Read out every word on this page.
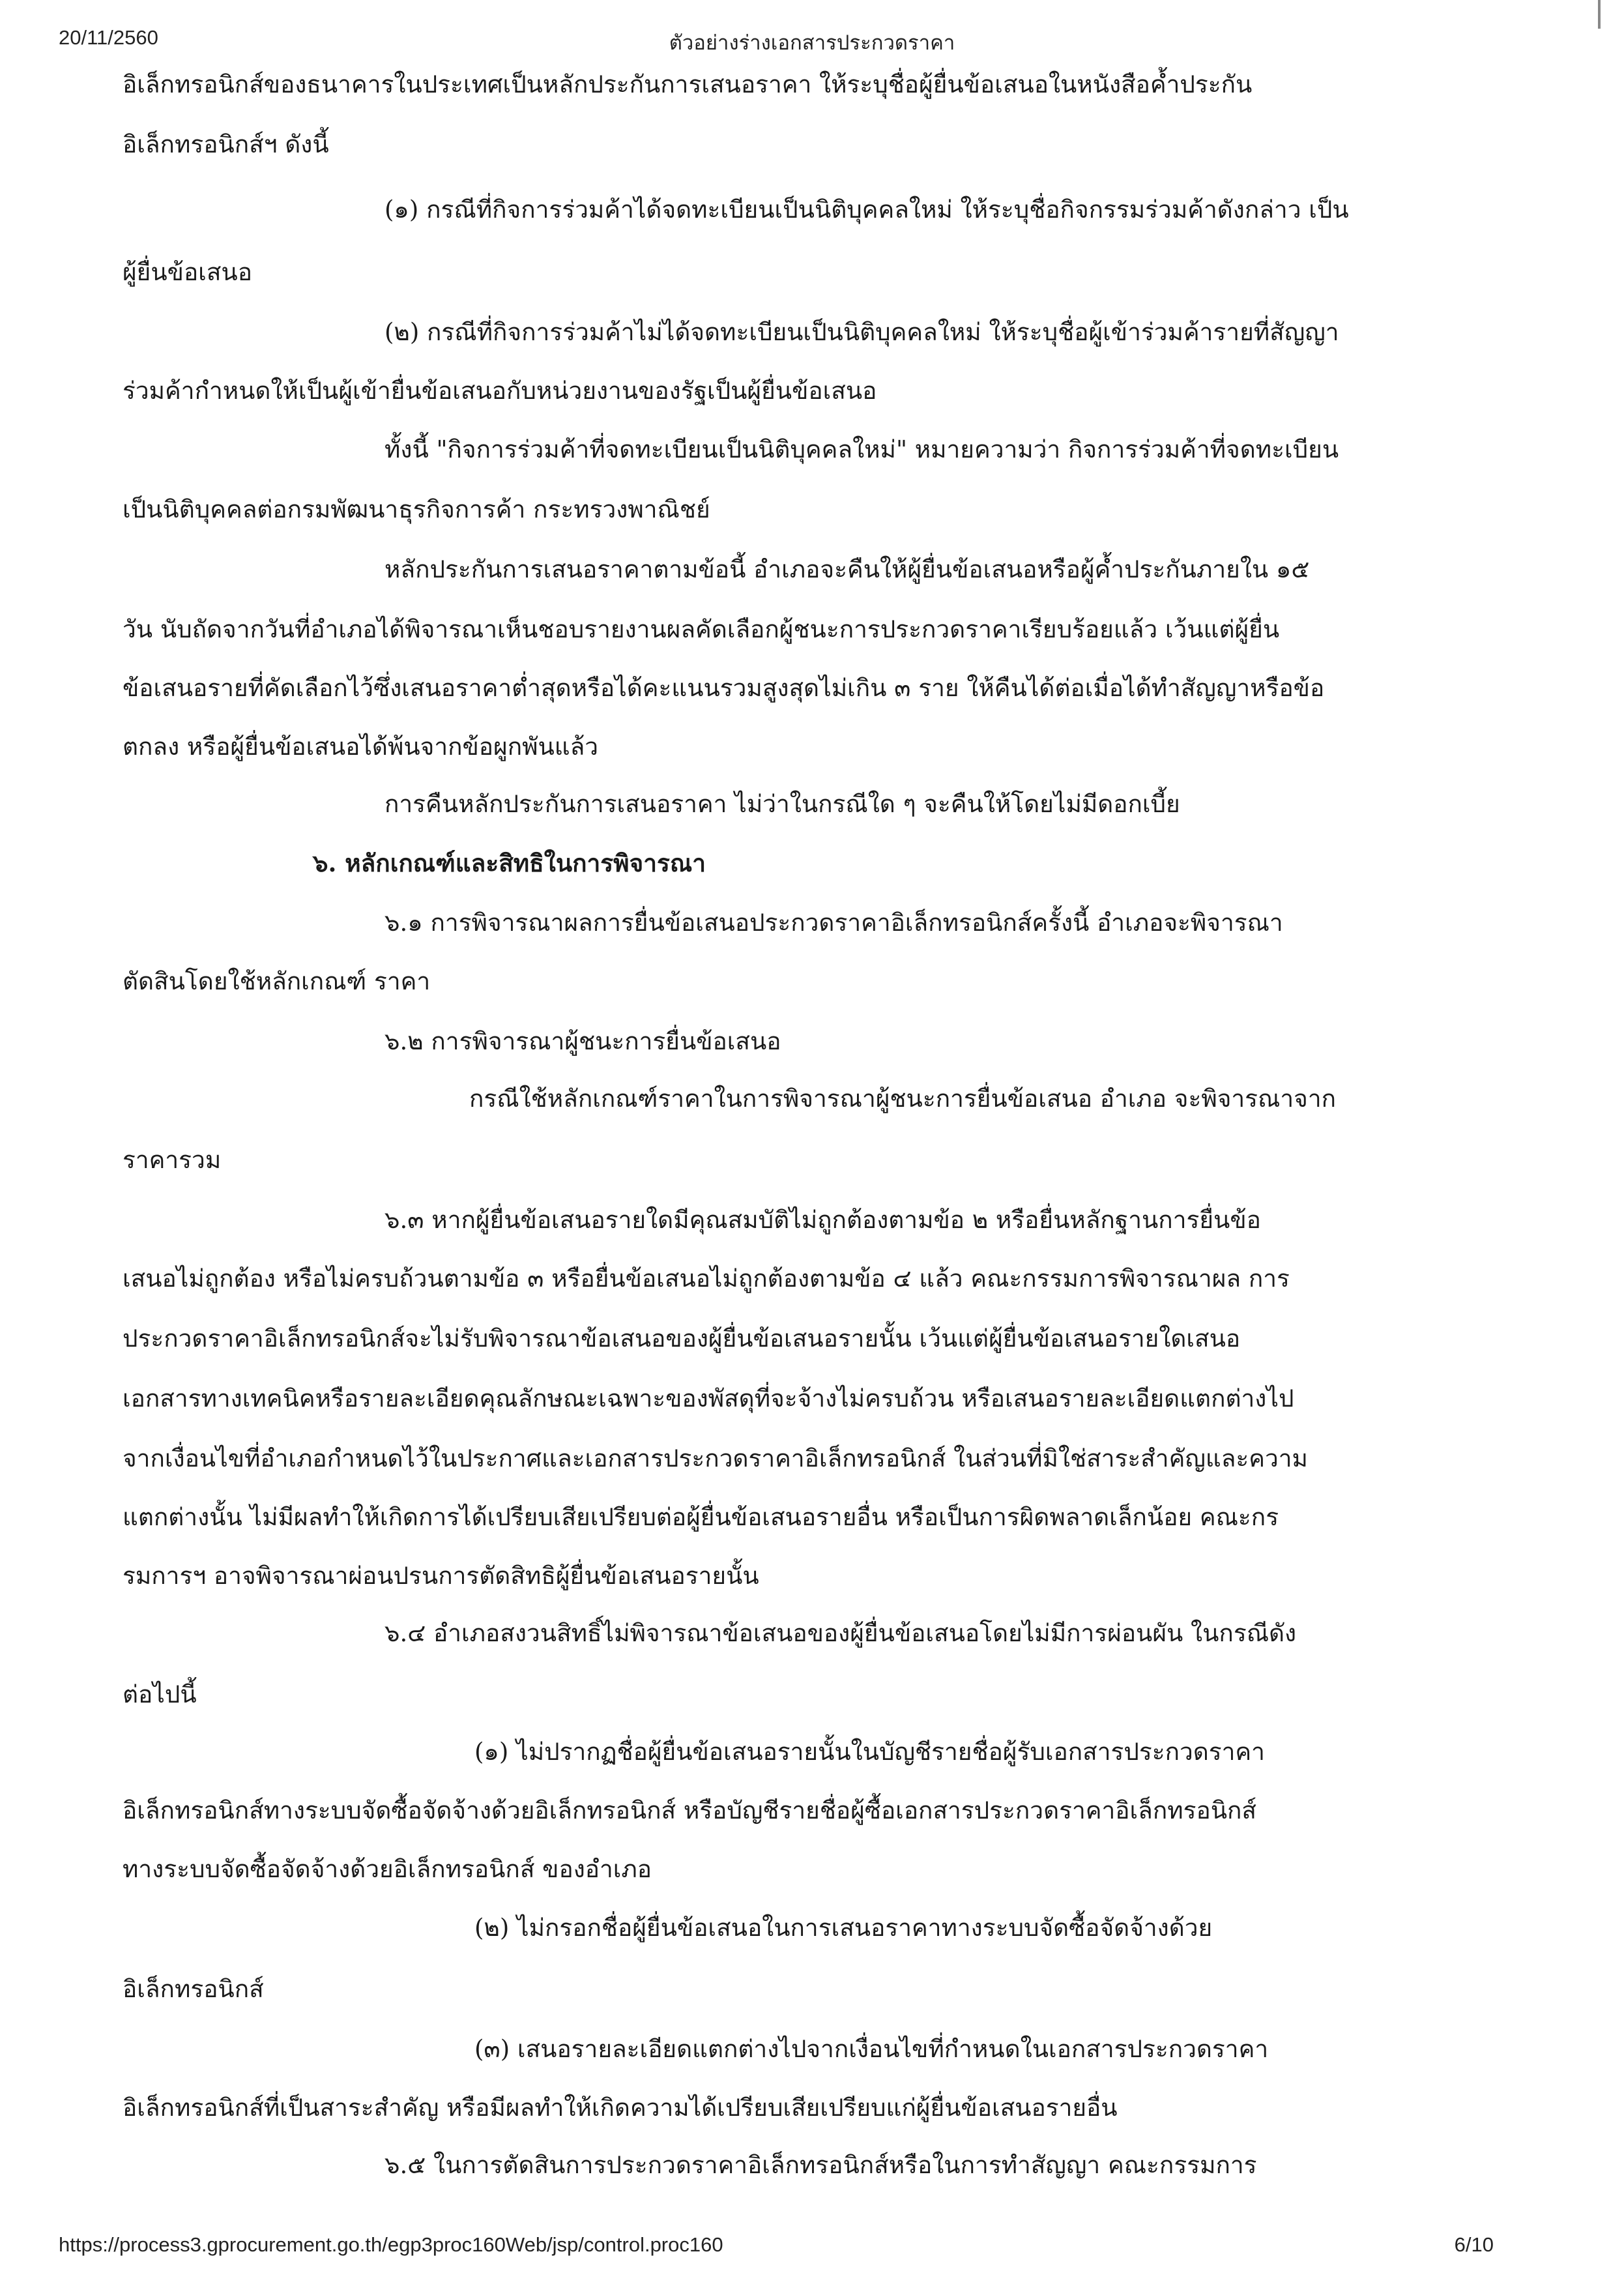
20/11/2560	ตัวอย่างร่างเอกสารประกวดราคา
อิเล็กทรอนิกส์ของธนาคารในประเทศเป็นหลักประกันการเสนอราคา ให้ระบุชื่อผู้ยื่นข้อเสนอในหนังสือค้ำประกัน
อิเล็กทรอนิกส์ฯ ดังนี้
(๑) กรณีที่กิจการร่วมค้าได้จดทะเบียนเป็นนิติบุคคลใหม่ ให้ระบุชื่อกิจกรรมร่วมค้าดังกล่าว เป็น
ผู้ยื่นข้อเสนอ
(๒) กรณีที่กิจการร่วมค้าไม่ได้จดทะเบียนเป็นนิติบุคคลใหม่ ให้ระบุชื่อผู้เข้าร่วมค้ารายที่สัญญา
ร่วมค้ากำหนดให้เป็นผู้เข้ายื่นข้อเสนอกับหน่วยงานของรัฐเป็นผู้ยื่นข้อเสนอ
ทั้งนี้ "กิจการร่วมค้าที่จดทะเบียนเป็นนิติบุคคลใหม่" หมายความว่า กิจการร่วมค้าที่จดทะเบียน
เป็นนิติบุคคลต่อกรมพัฒนาธุรกิจการค้า กระทรวงพาณิชย์
หลักประกันการเสนอราคาตามข้อนี้ อำเภอจะคืนให้ผู้ยื่นข้อเสนอหรือผู้ค้ำประกันภายใน ๑๕
วัน นับถัดจากวันที่อำเภอได้พิจารณาเห็นชอบรายงานผลคัดเลือกผู้ชนะการประกวดราคาเรียบร้อยแล้ว เว้นแต่ผู้ยื่น
ข้อเสนอรายที่คัดเลือกไว้ซึ่งเสนอราคาต่ำสุดหรือได้คะแนนรวมสูงสุดไม่เกิน ๓ ราย ให้คืนได้ต่อเมื่อได้ทำสัญญาหรือข้อ
ตกลง หรือผู้ยื่นข้อเสนอได้พ้นจากข้อผูกพันแล้ว
การคืนหลักประกันการเสนอราคา ไม่ว่าในกรณีใด ๆ จะคืนให้โดยไม่มีดอกเบี้ย
๖. หลักเกณฑ์และสิทธิในการพิจารณา
๖.๑ การพิจารณาผลการยื่นข้อเสนอประกวดราคาอิเล็กทรอนิกส์ครั้งนี้ อำเภอจะพิจารณา
ตัดสินโดยใช้หลักเกณฑ์ ราคา
๖.๒ การพิจารณาผู้ชนะการยื่นข้อเสนอ
กรณีใช้หลักเกณฑ์ราคาในการพิจารณาผู้ชนะการยื่นข้อเสนอ อำเภอ จะพิจารณาจาก
ราคารวม
๖.๓ หากผู้ยื่นข้อเสนอรายใดมีคุณสมบัติไม่ถูกต้องตามข้อ ๒ หรือยื่นหลักฐานการยื่นข้อ
เสนอไม่ถูกต้อง หรือไม่ครบถ้วนตามข้อ ๓ หรือยื่นข้อเสนอไม่ถูกต้องตามข้อ ๔ แล้ว คณะกรรมการพิจารณาผล การ
ประกวดราคาอิเล็กทรอนิกส์จะไม่รับพิจารณาข้อเสนอของผู้ยื่นข้อเสนอรายนั้น เว้นแต่ผู้ยื่นข้อเสนอรายใดเสนอ
เอกสารทางเทคนิคหรือรายละเอียดคุณลักษณะเฉพาะของพัสดุที่จะจ้างไม่ครบถ้วน หรือเสนอรายละเอียดแตกต่างไป
จากเงื่อนไขที่อำเภอกำหนดไว้ในประกาศและเอกสารประกวดราคาอิเล็กทรอนิกส์ ในส่วนที่มิใช่สาระสำคัญและความ
แตกต่างนั้น ไม่มีผลทำให้เกิดการได้เปรียบเสียเปรียบต่อผู้ยื่นข้อเสนอรายอื่น หรือเป็นการผิดพลาดเล็กน้อย คณะกร
รมการฯ อาจพิจารณาผ่อนปรนการตัดสิทธิผู้ยื่นข้อเสนอรายนั้น
๖.๔ อำเภอสงวนสิทธิ์ไม่พิจารณาข้อเสนอของผู้ยื่นข้อเสนอโดยไม่มีการผ่อนผัน ในกรณีดัง
ต่อไปนี้
(๑) ไม่ปรากฏชื่อผู้ยื่นข้อเสนอรายนั้นในบัญชีรายชื่อผู้รับเอกสารประกวดราคา
อิเล็กทรอนิกส์ทางระบบจัดซื้อจัดจ้างด้วยอิเล็กทรอนิกส์ หรือบัญชีรายชื่อผู้ซื้อเอกสารประกวดราคาอิเล็กทรอนิกส์
ทางระบบจัดซื้อจัดจ้างด้วยอิเล็กทรอนิกส์ ของอำเภอ
(๒) ไม่กรอกชื่อผู้ยื่นข้อเสนอในการเสนอราคาทางระบบจัดซื้อจัดจ้างด้วย
อิเล็กทรอนิกส์
(๓) เสนอรายละเอียดแตกต่างไปจากเงื่อนไขที่กำหนดในเอกสารประกวดราคา
อิเล็กทรอนิกส์ที่เป็นสาระสำคัญ หรือมีผลทำให้เกิดความได้เปรียบเสียเปรียบแก่ผู้ยื่นข้อเสนอรายอื่น
๖.๕ ในการตัดสินการประกวดราคาอิเล็กทรอนิกส์หรือในการทำสัญญา คณะกรรมการ
https://process3.gprocurement.go.th/egp3proc160Web/jsp/control.proc160	6/10
